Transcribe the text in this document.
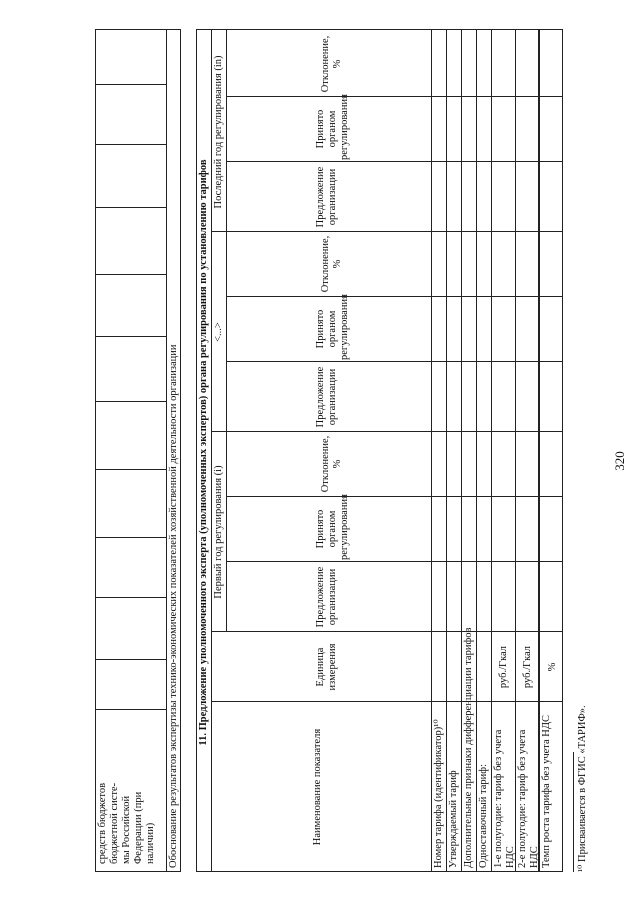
320
средств бюджетов бюджетной систе- мы Российской Федерации (при наличии) Обоснование результатов экспертизы технико-экономических показателей хозяйственной деятельности организации 11. Предложение уполномоченного эксперта (уполномоченных экспертов) органа регулирования по установлению тарифов
Наименование показателя
Единица измерения
Первый год регулирования (i)
<...>
Последний год регулирования (in)
Предложение организации
Принято органом регулирования
Отклонение, %
Предложение организации
Принято органом регулирования
Отклонение, %
Предложение организации
Принято органом регулирования
Отклонение, %
Номер тарифа (идентификатор)¹⁰ Утверждаемый тариф Дополнительные признаки дифференциации тарифов Одноставочный тариф: 1-е полугодие: тариф без учета НДС 2-е полугодие: тариф без учета НДС Темп роста тарифа без учета НДС
руб./Гкал руб./Гкал %
¹⁰ Присваивается в ФГИС «ТАРИФ».
